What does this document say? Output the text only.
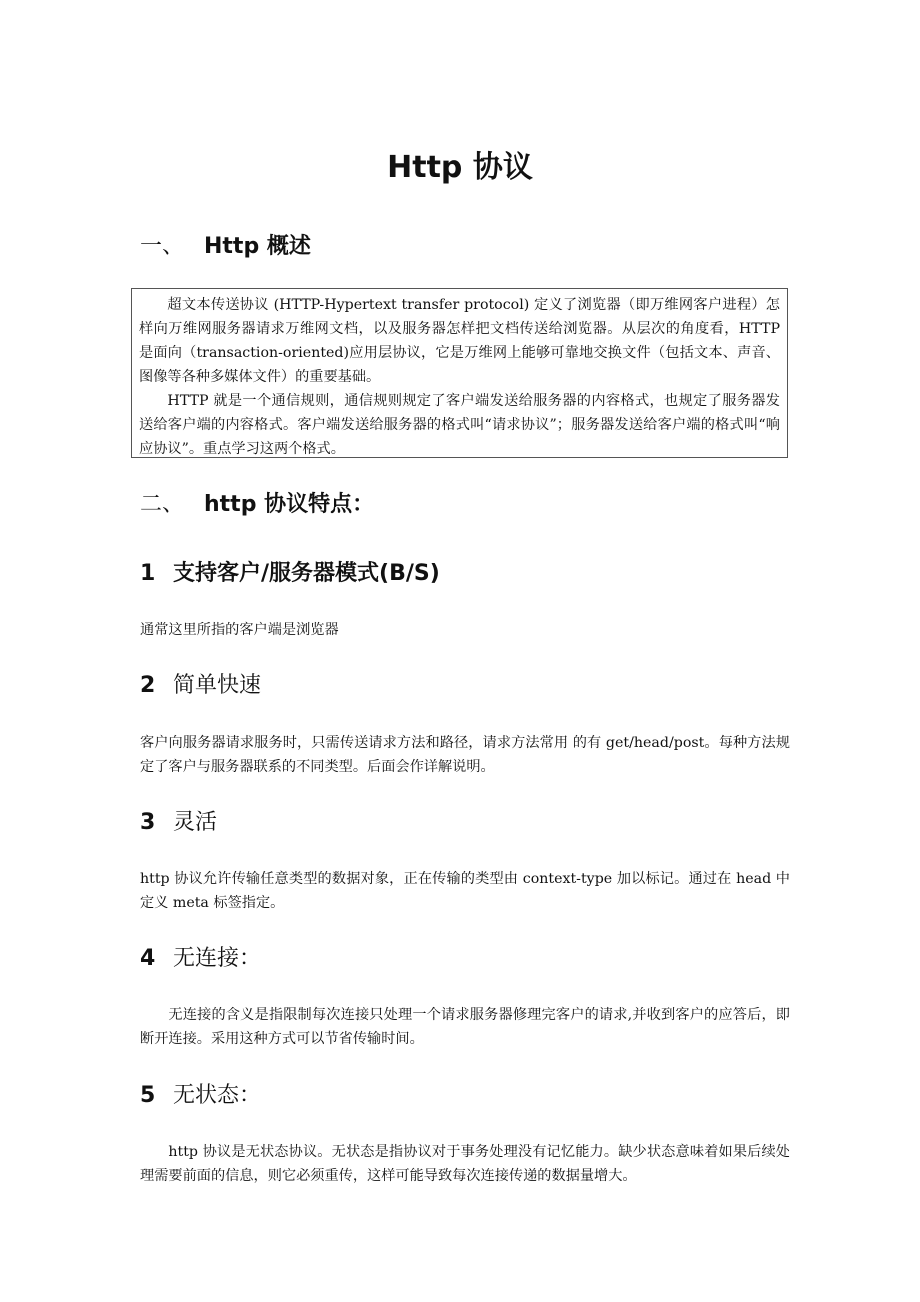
Http 协议
一、 Http 概述

超文本传送协议 (HTTP-Hypertext transfer protocol) 定义了浏览器（即万维网客户进程）怎样向万维网服务器请求万维网文档，以及服务器怎样把文档传送给浏览器。从层次的角度看，HTTP 是面向（transaction-oriented)应用层协议，它是万维网上能够可靠地交换文件（包括文本、声音、图像等各种多媒体文件）的重要基础。

HTTP 就是一个通信规则，通信规则规定了客户端发送给服务器的内容格式，也规定了服务器发送给客户端的内容格式。客户端发送给服务器的格式叫“请求协议”；服务器发送给客户端的格式叫“响应协议”。重点学习这两个格式。

二、 http 协议特点：
1 支持客户/服务器模式(B/S)

通常这里所指的客户端是浏览器

2 简单快速

客户向服务器请求服务时，只需传送请求方法和路径，请求方法常用 的有 get/head/post。每种方法规定了客户与服务器联系的不同类型。后面会作详解说明。

3 灵活

http 协议允许传输任意类型的数据对象，正在传输的类型由 context-type 加以标记。通过在 head 中定义 meta 标签指定。

4 无连接：

无连接的含义是指限制每次连接只处理一个请求服务器修理完客户的请求,并收到客户的应答后，即断开连接。采用这种方式可以节省传输时间。

5 无状态：

http 协议是无状态协议。无状态是指协议对于事务处理没有记忆能力。缺少状态意味着如果后续处理需要前面的信息，则它必须重传，这样可能导致每次连接传递的数据量增大。
